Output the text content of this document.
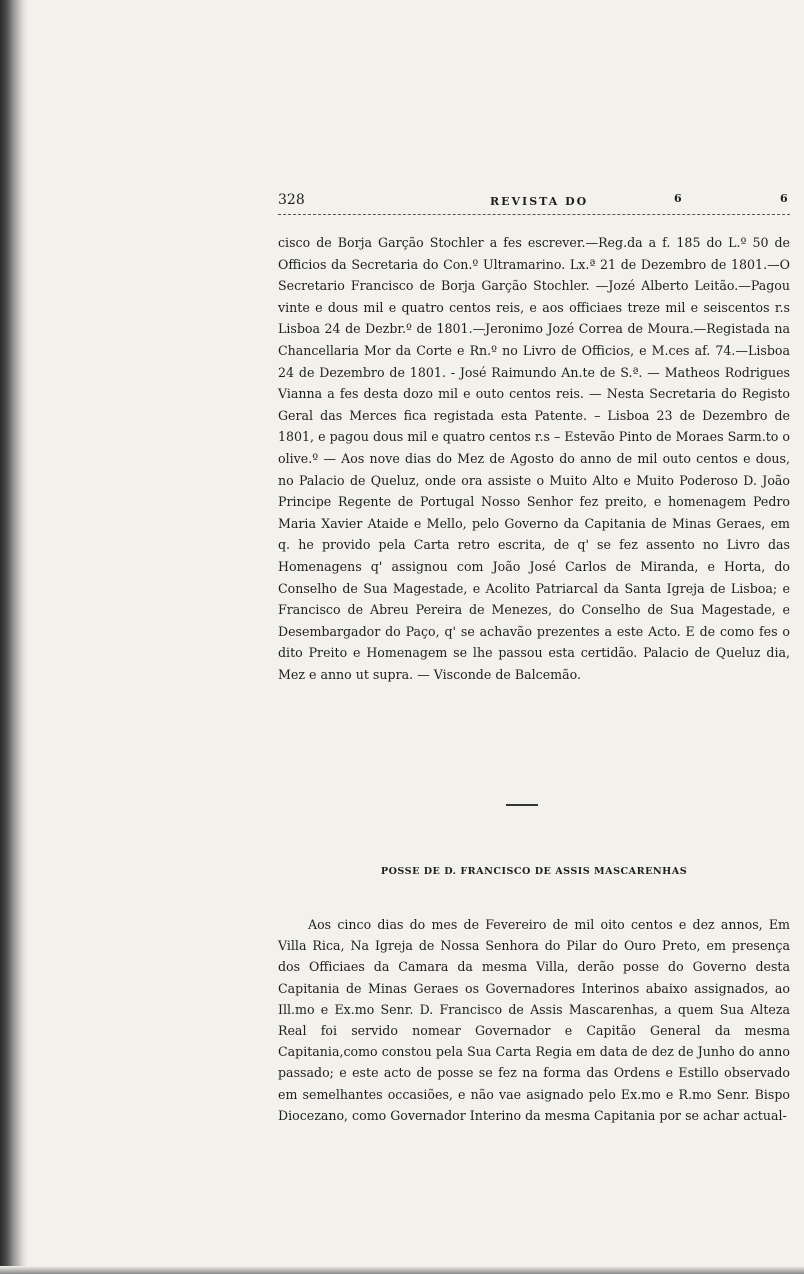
328	REVISTA DO	6	6

cisco de Borja Garção Stochler a fes escrever.—Reg.da a f. 185 do L.º 50 de Officios da Secretaria do Con.º Ultramarino. Lx.ª 21 de Dezembro de 1801.—O Secretario Francisco de Borja Garção Stochler. —Jozé Alberto Leitão.—Pagou vinte e dous mil e quatro centos reis, e aos officiaes treze mil e seiscentos r.s Lisboa 24 de Dezbr.º de 1801.—Jeronimo Jozé Correa de Moura.—Registada na Chancellaria Mor da Corte e Rn.º no Livro de Officios, e M.ces af. 74.—Lisboa 24 de Dezembro de 1801. - José Raimundo An.te de S.ª. — Matheos Rodrigues Vianna a fes desta dozo mil e outo centos reis. — Nesta Secretaria do Registo Geral das Merces fica registada esta Patente. – Lisboa 23 de Dezembro de 1801, e pagou dous mil e quatro centos r.s – Estevão Pinto de Moraes Sarm.to o olive.º — Aos nove dias do Mez de Agosto do anno de mil outo centos e dous, no Palacio de Queluz, onde ora assiste o Muito Alto e Muito Poderoso D. João Principe Regente de Portugal Nosso Senhor fez preito, e homenagem Pedro Maria Xavier Ataide e Mello, pelo Governo da Capitania de Minas Geraes, em q. he provido pela Carta retro escrita, de q' se fez assento no Livro das Homenagens q' assignou com João José Carlos de Miranda, e Horta, do Conselho de Sua Magestade, e Acolito Patriarcal da Santa Igreja de Lisboa; e Francisco de Abreu Pereira de Menezes, do Conselho de Sua Magestade, e Desembargador do Paço, q' se achavão prezentes a este Acto. E de como fes o dito Preito e Homenagem se lhe passou esta certidão. Palacio de Queluz dia, Mez e anno ut supra. — Visconde de Balcemão.

POSSE DE D. FRANCISCO DE ASSIS MASCARENHAS

Aos cinco dias do mes de Fevereiro de mil oito centos e dez annos, Em Villa Rica, Na Igreja de Nossa Senhora do Pilar do Ouro Preto, em presença dos Officiaes da Camara da mesma Villa, derão posse do Governo desta Capitania de Minas Geraes os Governadores Interinos abaixo assignados, ao Ill.mo e Ex.mo Senr. D. Francisco de Assis Mascarenhas, a quem Sua Alteza Real foi servido nomear Governador e Capitão General da mesma Capitania,como constou pela Sua Carta Regia em data de dez de Junho do anno passado; e este acto de posse se fez na forma das Ordens e Estillo observado em semelhantes occasiões, e não vae asignado pelo Ex.mo e R.mo Senr. Bispo Diocezano, como Governador Interino da mesma Capitania por se achar actual-
